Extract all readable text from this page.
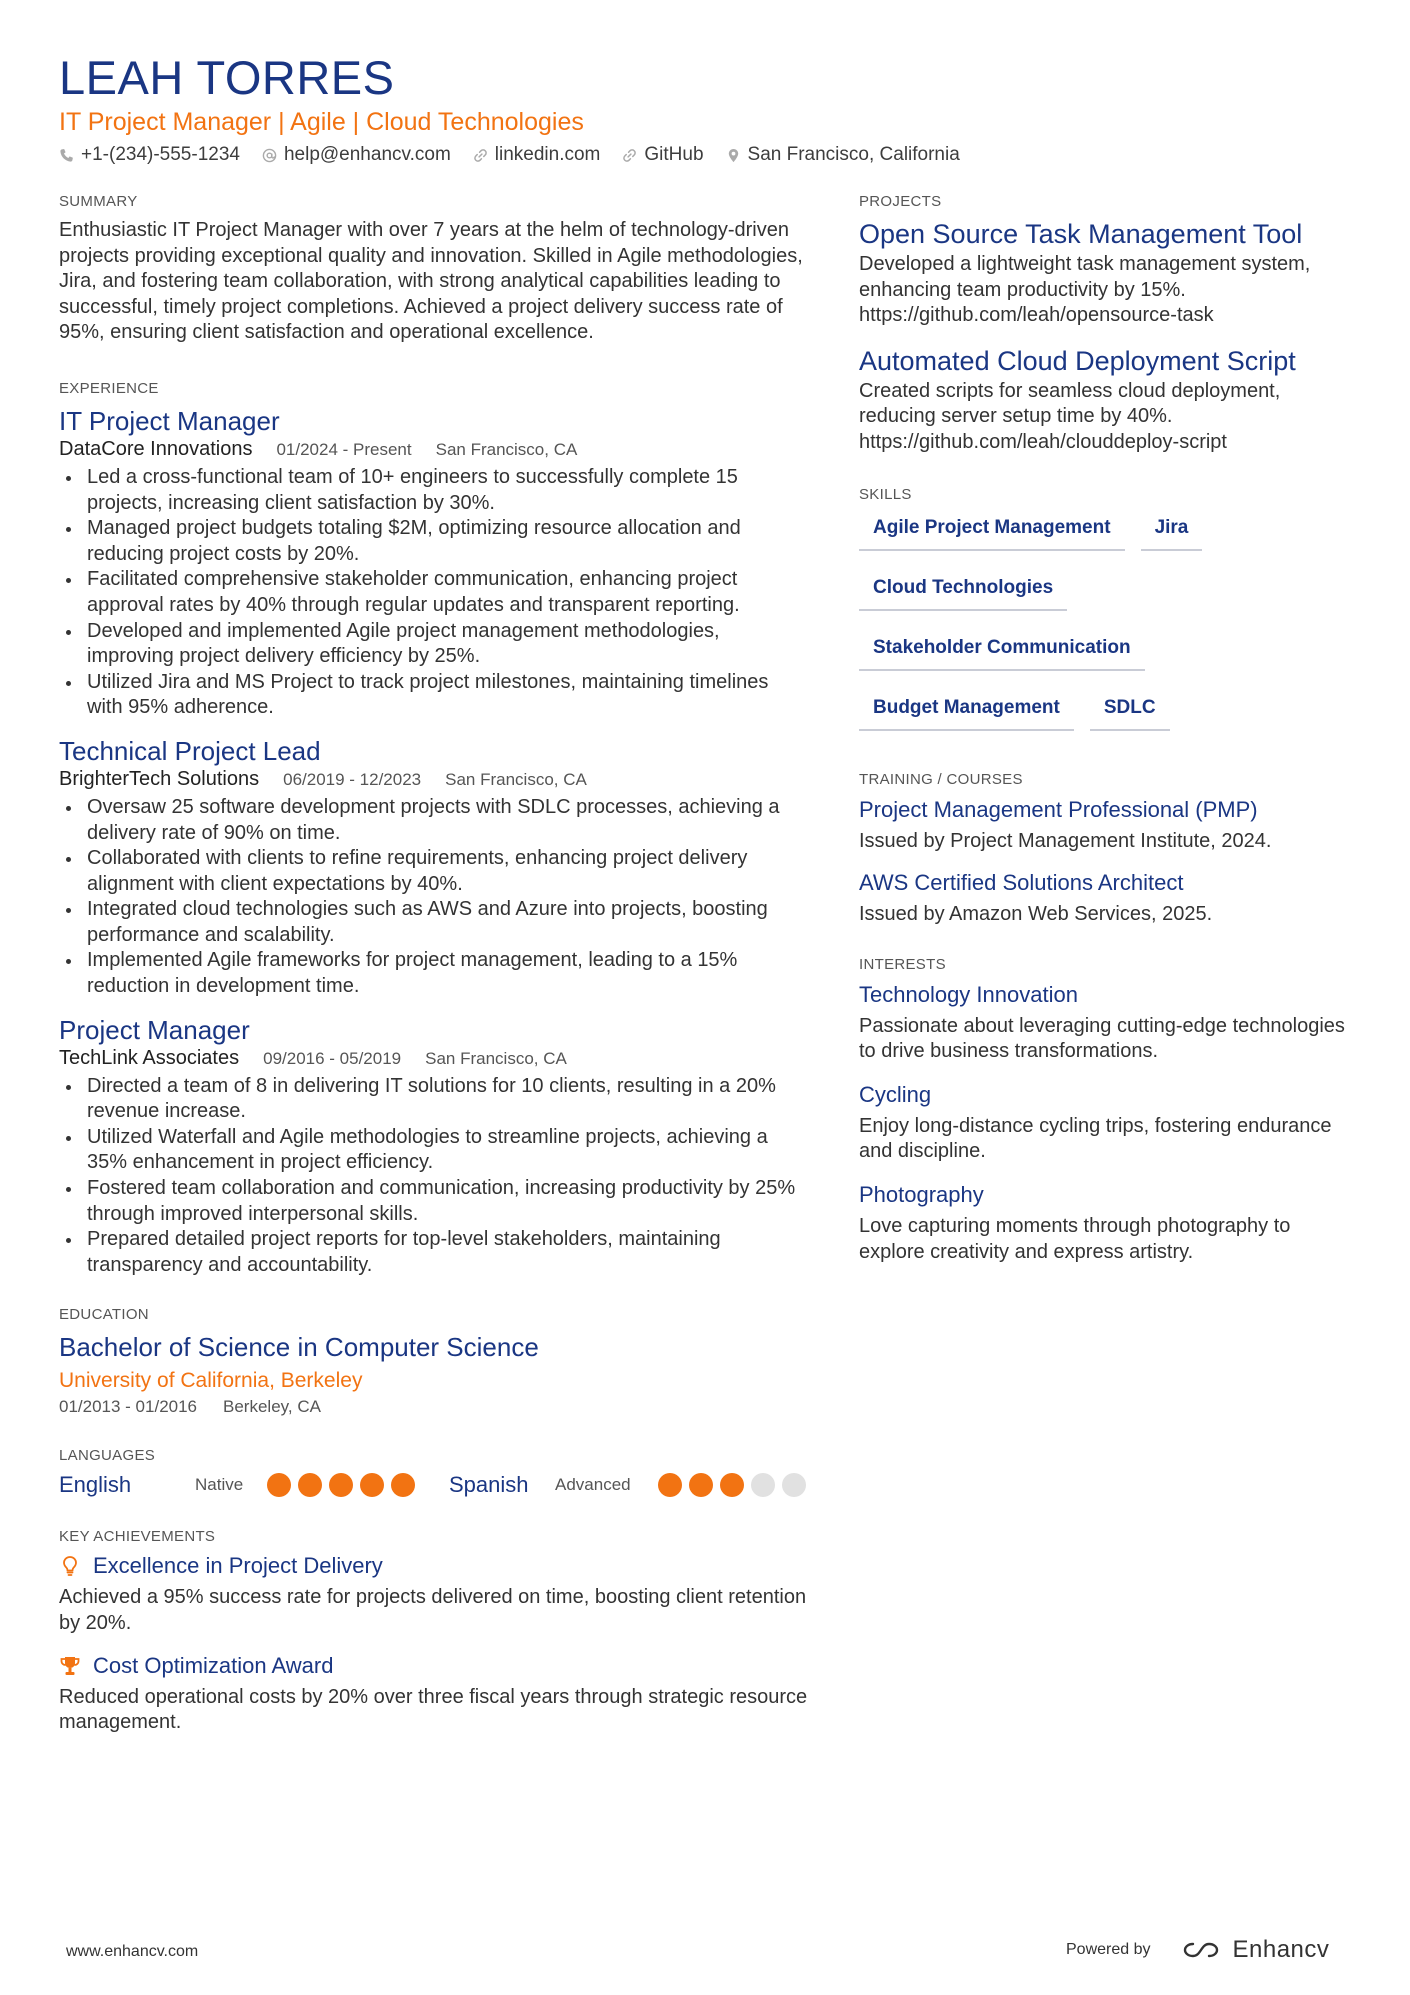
LEAH TORRES
IT Project Manager | Agile | Cloud Technologies
+1-(234)-555-1234 help@enhancv.com linkedin.com GitHub San Francisco, California
SUMMARY
Enthusiastic IT Project Manager with over 7 years at the helm of technology-driven projects providing exceptional quality and innovation. Skilled in Agile methodologies, Jira, and fostering team collaboration, with strong analytical capabilities leading to successful, timely project completions. Achieved a project delivery success rate of 95%, ensuring client satisfaction and operational excellence.
EXPERIENCE
IT Project Manager
DataCore Innovations 01/2024 - Present San Francisco, CA
Led a cross-functional team of 10+ engineers to successfully complete 15 projects, increasing client satisfaction by 30%.
Managed project budgets totaling $2M, optimizing resource allocation and reducing project costs by 20%.
Facilitated comprehensive stakeholder communication, enhancing project approval rates by 40% through regular updates and transparent reporting.
Developed and implemented Agile project management methodologies, improving project delivery efficiency by 25%.
Utilized Jira and MS Project to track project milestones, maintaining timelines with 95% adherence.
Technical Project Lead
BrighterTech Solutions 06/2019 - 12/2023 San Francisco, CA
Oversaw 25 software development projects with SDLC processes, achieving a delivery rate of 90% on time.
Collaborated with clients to refine requirements, enhancing project delivery alignment with client expectations by 40%.
Integrated cloud technologies such as AWS and Azure into projects, boosting performance and scalability.
Implemented Agile frameworks for project management, leading to a 15% reduction in development time.
Project Manager
TechLink Associates 09/2016 - 05/2019 San Francisco, CA
Directed a team of 8 in delivering IT solutions for 10 clients, resulting in a 20% revenue increase.
Utilized Waterfall and Agile methodologies to streamline projects, achieving a 35% enhancement in project efficiency.
Fostered team collaboration and communication, increasing productivity by 25% through improved interpersonal skills.
Prepared detailed project reports for top-level stakeholders, maintaining transparency and accountability.
EDUCATION
Bachelor of Science in Computer Science
University of California, Berkeley
01/2013 - 01/2016 Berkeley, CA
LANGUAGES
English	Native	Spanish	Advanced
KEY ACHIEVEMENTS
Excellence in Project Delivery
Achieved a 95% success rate for projects delivered on time, boosting client retention by 20%.
Cost Optimization Award
Reduced operational costs by 20% over three fiscal years through strategic resource management.
PROJECTS
Open Source Task Management Tool
Developed a lightweight task management system, enhancing team productivity by 15%. https://github.com/leah/opensource-task
Automated Cloud Deployment Script
Created scripts for seamless cloud deployment, reducing server setup time by 40%. https://github.com/leah/clouddeploy-script
SKILLS
Agile Project Management	Jira
Cloud Technologies
Stakeholder Communication
Budget Management	SDLC
TRAINING / COURSES
Project Management Professional (PMP)
Issued by Project Management Institute, 2024.
AWS Certified Solutions Architect
Issued by Amazon Web Services, 2025.
INTERESTS
Technology Innovation
Passionate about leveraging cutting-edge technologies to drive business transformations.
Cycling
Enjoy long-distance cycling trips, fostering endurance and discipline.
Photography
Love capturing moments through photography to explore creativity and express artistry.
www.enhancv.com	Powered by	Enhancv
